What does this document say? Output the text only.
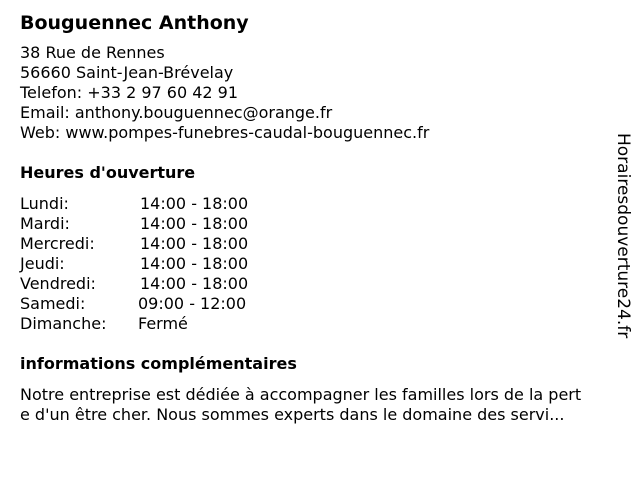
Bouguennec Anthony
38 Rue de Rennes
56660 Saint-Jean-Brévelay
Telefon: +33 2 97 60 42 91
Email: anthony.bouguennec@orange.fr
Web: www.pompes-funebres-caudal-bouguennec.fr
Heures d'ouverture
Lundi:	14:00 - 18:00
Mardi:	14:00 - 18:00
Mercredi:	14:00 - 18:00
Jeudi:	14:00 - 18:00
Vendredi:	14:00 - 18:00
Samedi:	09:00 - 12:00
Dimanche: Fermé
informations complémentaires
Notre entreprise est dédiée à accompagner les familles lors de la pert
e d'un être cher. Nous sommes experts dans le domaine des servi...
Horairesdouverture24.fr
